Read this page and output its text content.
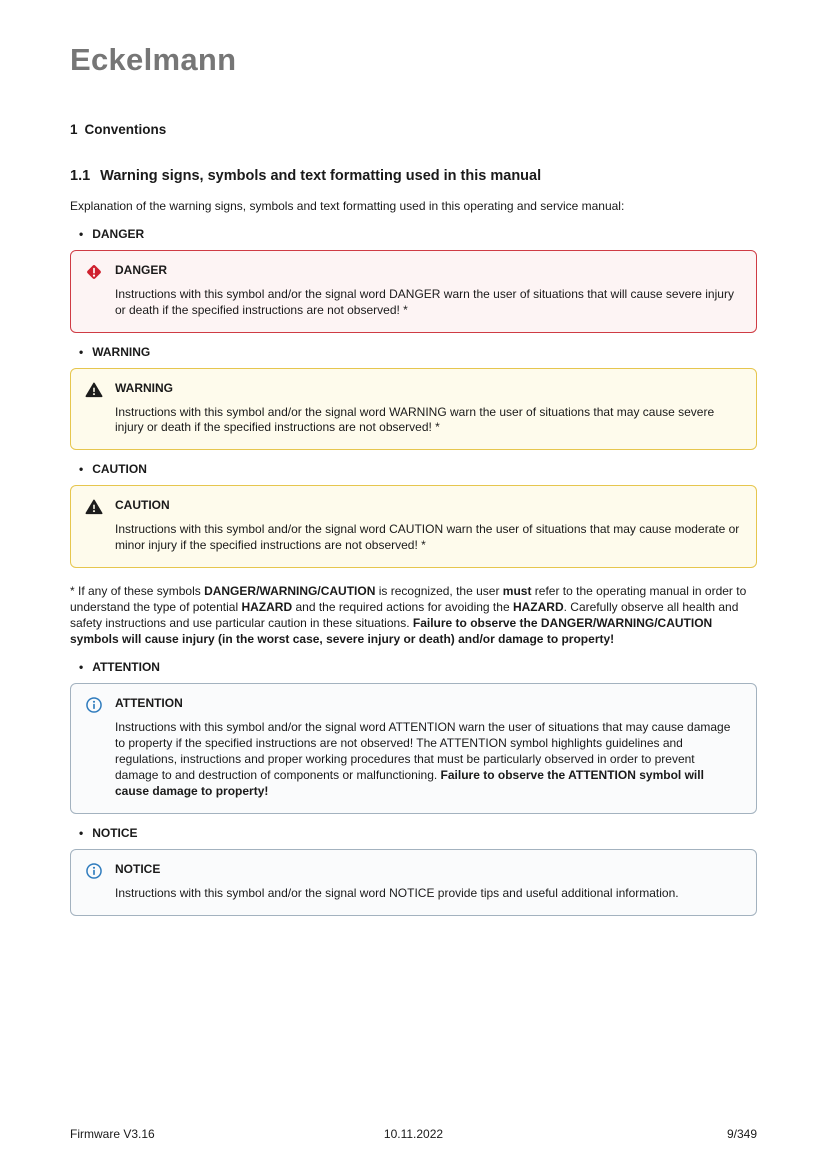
Eckelmann
1 Conventions
1.1 Warning signs, symbols and text formatting used in this manual

Explanation of the warning signs, symbols and text formatting used in this operating and service manual:

•
DANGER
DANGER
Instructions with this symbol and/or the signal word DANGER warn the user of situations that will cause severe injury or death if the specified instructions are not observed! *
•
WARNING
WARNING
Instructions with this symbol and/or the signal word WARNING warn the user of situations that may cause severe injury or death if the specified instructions are not observed! *
•
CAUTION
CAUTION
Instructions with this symbol and/or the signal word CAUTION warn the user of situations that may cause moderate or minor injury if the specified instructions are not observed! *

* If any of these symbols DANGER/WARNING/CAUTION is recognized, the user must refer to the operating manual in order to understand the type of potential HAZARD and the required actions for avoiding the HAZARD. Carefully observe all health and safety instructions and use particular caution in these situations. Failure to observe the DANGER/WARNING/CAUTION symbols will cause injury (in the worst case, severe injury or death) and/or damage to property!

•
ATTENTION
ATTENTION
Instructions with this symbol and/or the signal word ATTENTION warn the user of situations that may cause damage to property if the specified instructions are not observed! The ATTENTION symbol highlights guidelines and regulations, instructions and proper working procedures that must be particularly observed in order to prevent damage to and destruction of components or malfunctioning. Failure to observe the ATTENTION symbol will cause damage to property!
•
NOTICE
NOTICE
Instructions with this symbol and/or the signal word NOTICE provide tips and useful additional information.
Firmware V3.16	10.11.2022	9/349
